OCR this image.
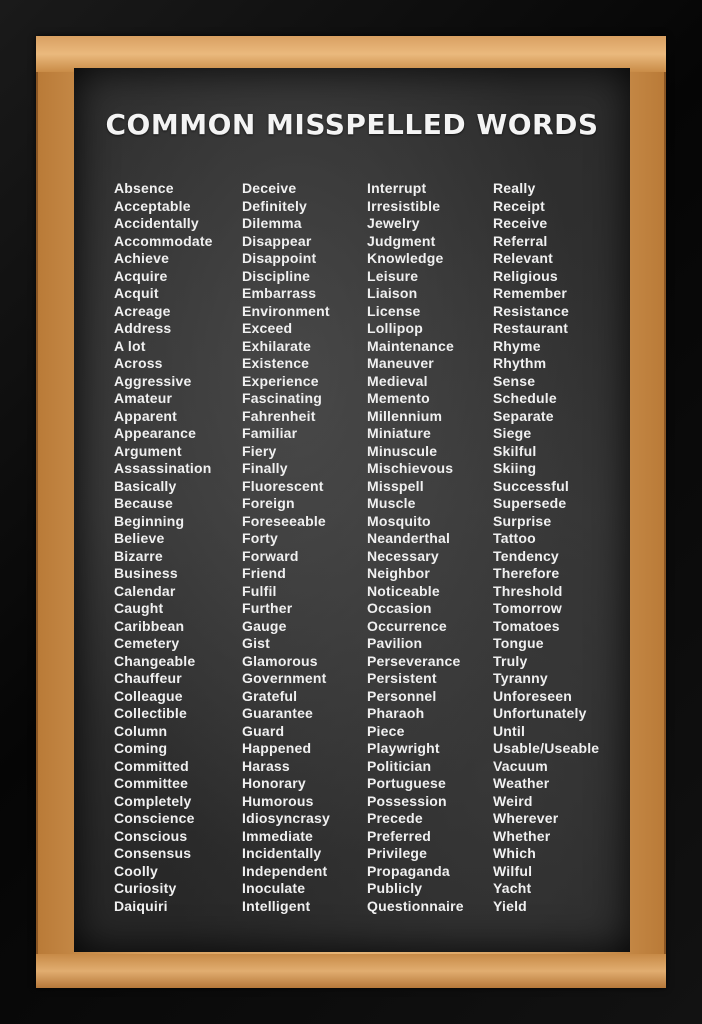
COMMON MISSPELLED WORDS
Absence
Acceptable
Accidentally
Accommodate
Achieve
Acquire
Acquit
Acreage
Address
A lot
Across
Aggressive
Amateur
Apparent
Appearance
Argument
Assassination
Basically
Because
Beginning
Believe
Bizarre
Business
Calendar
Caught
Caribbean
Cemetery
Changeable
Chauffeur
Colleague
Collectible
Column
Coming
Committed
Committee
Completely
Conscience
Conscious
Consensus
Coolly
Curiosity
Daiquiri
Deceive
Definitely
Dilemma
Disappear
Disappoint
Discipline
Embarrass
Environment
Exceed
Exhilarate
Existence
Experience
Fascinating
Fahrenheit
Familiar
Fiery
Finally
Fluorescent
Foreign
Foreseeable
Forty
Forward
Friend
Fulfil
Further
Gauge
Gist
Glamorous
Government
Grateful
Guarantee
Guard
Happened
Harass
Honorary
Humorous
Idiosyncrasy
Immediate
Incidentally
Independent
Inoculate
Intelligent
Interrupt
Irresistible
Jewelry
Judgment
Knowledge
Leisure
Liaison
License
Lollipop
Maintenance
Maneuver
Medieval
Memento
Millennium
Miniature
Minuscule
Mischievous
Misspell
Muscle
Mosquito
Neanderthal
Necessary
Neighbor
Noticeable
Occasion
Occurrence
Pavilion
Perseverance
Persistent
Personnel
Pharaoh
Piece
Playwright
Politician
Portuguese
Possession
Precede
Preferred
Privilege
Propaganda
Publicly
Questionnaire
Really
Receipt
Receive
Referral
Relevant
Religious
Remember
Resistance
Restaurant
Rhyme
Rhythm
Sense
Schedule
Separate
Siege
Skilful
Skiing
Successful
Supersede
Surprise
Tattoo
Tendency
Therefore
Threshold
Tomorrow
Tomatoes
Tongue
Truly
Tyranny
Unforeseen
Unfortunately
Until
Usable/Useable
Vacuum
Weather
Weird
Wherever
Whether
Which
Wilful
Yacht
Yield
